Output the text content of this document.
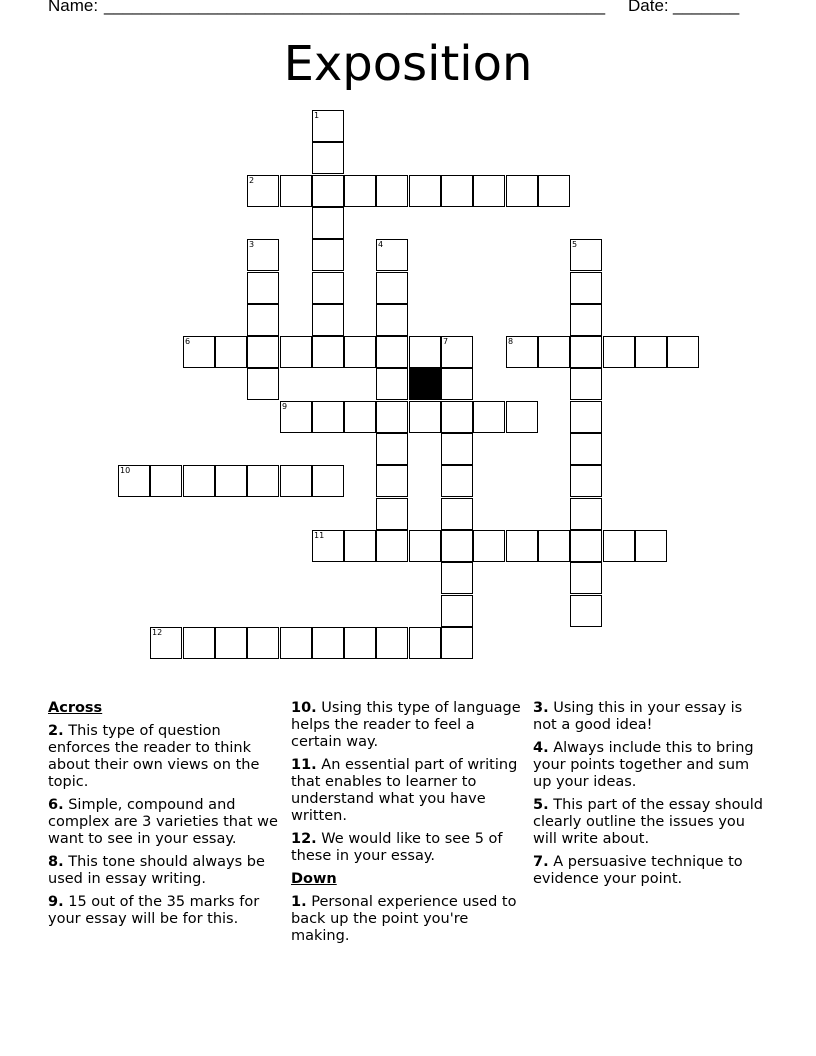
Name: _____________________________________________________ Date: _______
Exposition
1
2
3	4	5
6	7	8
9
10
11
12
Across
2. This type of question enforces the reader to think about their own views on the topic.
6. Simple, compound and complex are 3 varieties that we want to see in your essay.
8. This tone should always be used in essay writing.
9. 15 out of the 35 marks for your essay will be for this.
10. Using this type of language helps the reader to feel a certain way.
11. An essential part of writing that enables to learner to understand what you have written.
12. We would like to see 5 of these in your essay.
Down
1. Personal experience used to back up the point you're making.
3. Using this in your essay is not a good idea!
4. Always include this to bring your points together and sum up your ideas.
5. This part of the essay should clearly outline the issues you will write about.
7. A persuasive technique to evidence your point.
